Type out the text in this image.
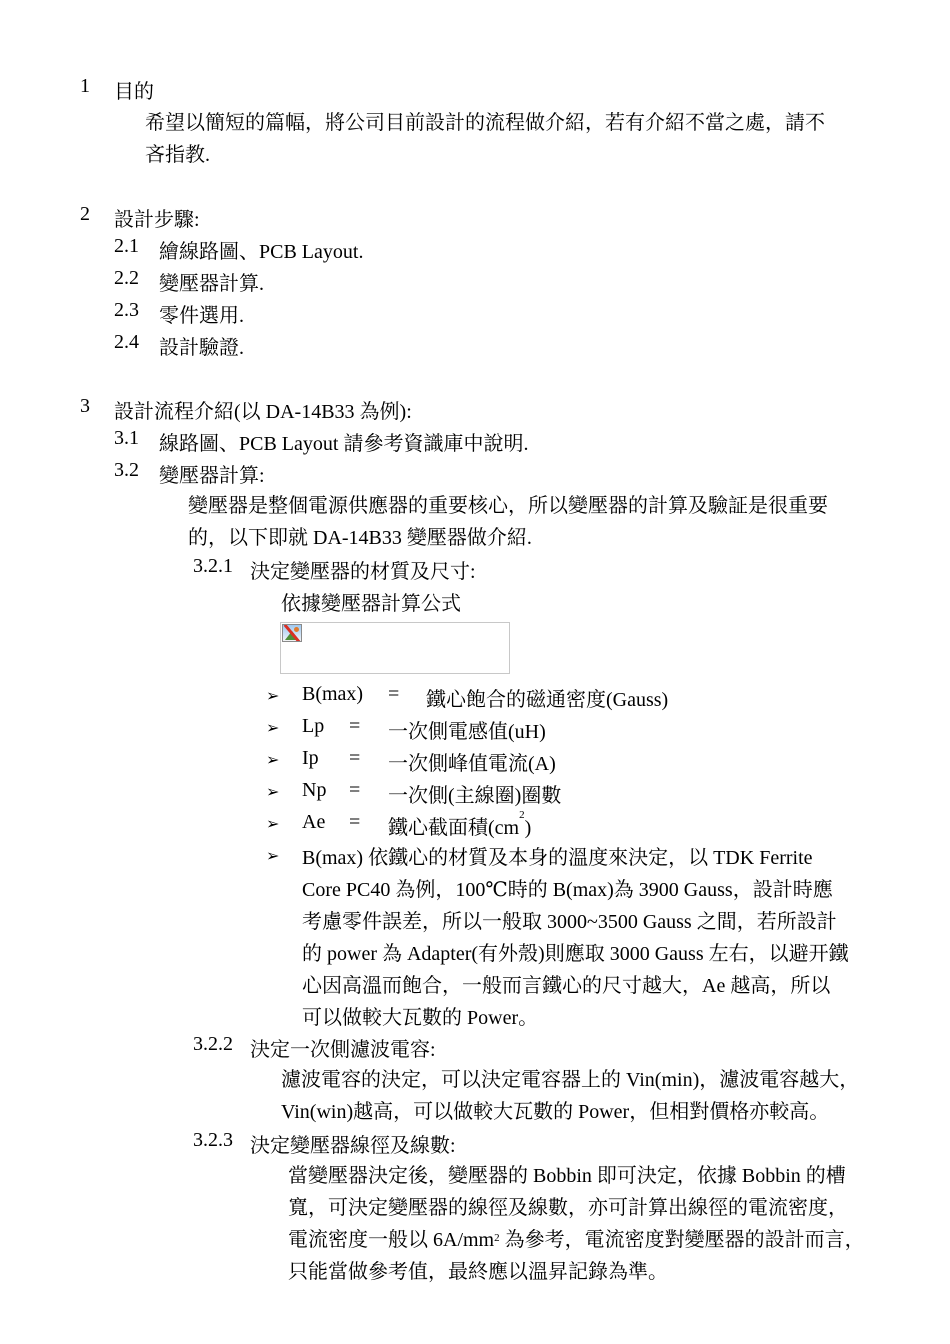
1 目的
希望以簡短的篇幅，將公司目前設計的流程做介紹，若有介紹不當之處，請不
吝指教.
2 設計步驟:
2.1 繪線路圖、PCB Layout.
2.2 變壓器計算.
2.3 零件選用.
2.4 設計驗證.
3 設計流程介紹(以 DA-14B33 為例):
3.1 線路圖、PCB Layout 請參考資識庫中說明.
3.2 變壓器計算:
變壓器是整個電源供應器的重要核心，所以變壓器的計算及驗証是很重要
的，以下即就 DA-14B33 變壓器做介紹.
3.2.1 決定變壓器的材質及尺寸:
依據變壓器計算公式
➢ B(max) = 鐵心飽合的磁通密度(Gauss)
➢ Lp = 一次側電感值(uH)
➢ Ip = 一次側峰值電流(A)
➢ Np = 一次側(主線圈)圈數
➢ Ae = 鐵心截面積$(cm^2)$
➢ B(max) 依鐵心的材質及本身的溫度來決定，以 TDK Ferrite
Core PC40 為例，100℃時的 B(max)為 3900 Gauss，設計時應
考慮零件誤差，所以一般取 3000~3500 Gauss 之間，若所設計
的 power 為 Adapter(有外殼)則應取 3000 Gauss 左右，以避开鐵
心因高溫而飽合，一般而言鐵心的尺寸越大，Ae 越高，所以
可以做較大瓦數的 Power。
3.2.2 決定一次側濾波電容:
濾波電容的決定，可以決定電容器上的 Vin(min)，濾波電容越大，
Vin(win)越高，可以做較大瓦數的 Power，但相對價格亦較高。
3.2.3 決定變壓器線徑及線數:
當變壓器決定後，變壓器的 Bobbin 即可決定，依據 Bobbin 的槽
寬，可決定變壓器的線徑及線數，亦可計算出線徑的電流密度，
電流密度一般以 $6A/mm^2$ 為參考，電流密度對變壓器的設計而言，
只能當做參考值，最終應以溫昇記錄為準。
